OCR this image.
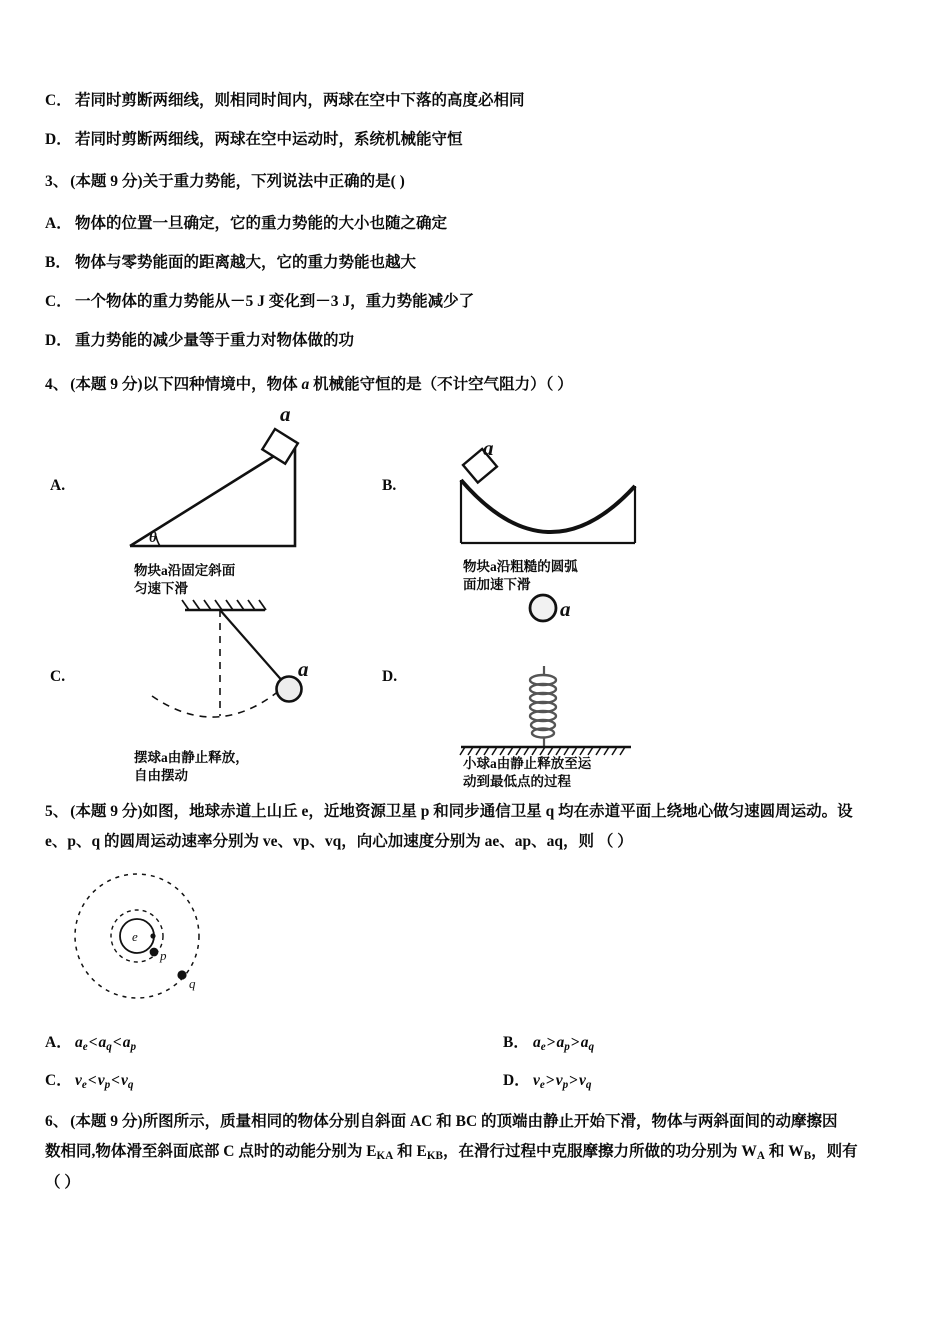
C． 若同时剪断两细线，则相同时间内，两球在空中下落的高度必相同
D． 若同时剪断两细线，两球在空中运动时，系统机械能守恒
3、 (本题 9 分)关于重力势能，下列说法中正确的是( )
A． 物体的位置一旦确定，它的重力势能的大小也随之确定
B． 物体与零势能面的距离越大，它的重力势能也越大
C． 一个物体的重力势能从－5 J 变化到－3 J，重力势能减少了
D． 重力势能的减少量等于重力对物体做的功
4、 (本题 9 分)以下四种情境中，物体 a 机械能守恒的是（不计空气阻力）（ ）
A.
θ
a
物块a沿固定斜面
匀速下滑
B.
a
物块a沿粗糙的圆弧
面加速下滑
C.	a
摆球a由静止释放，
自由摆动
D.
a
小球a由静止释放至运
动到最低点的过程
5、 (本题 9 分)如图，地球赤道上山丘 e，近地资源卫星 p 和同步通信卫星 q 均在赤道平面上绕地心做匀速圆周运动。设
e、p、q 的圆周运动速率分别为 ve、vp、vq，向心加速度分别为 ae、ap、aq，则 （ ）
e
p
q
A． $a_e<a_q<a_p$	B． $a_e>a_p>a_q$
C． $v_e<v_p<v_q$	D． $v_e>v_p>v_q$
6、 (本题 9 分)所图所示，质量相同的物体分别自斜面 AC 和 BC 的顶端由静止开始下滑，物体与两斜面间的动摩擦因
数相同,物体滑至斜面底部 C 点时的动能分别为 EKA 和 EKB，在滑行过程中克服摩擦力所做的功分别为 WA 和 WB，则有
（ ）
